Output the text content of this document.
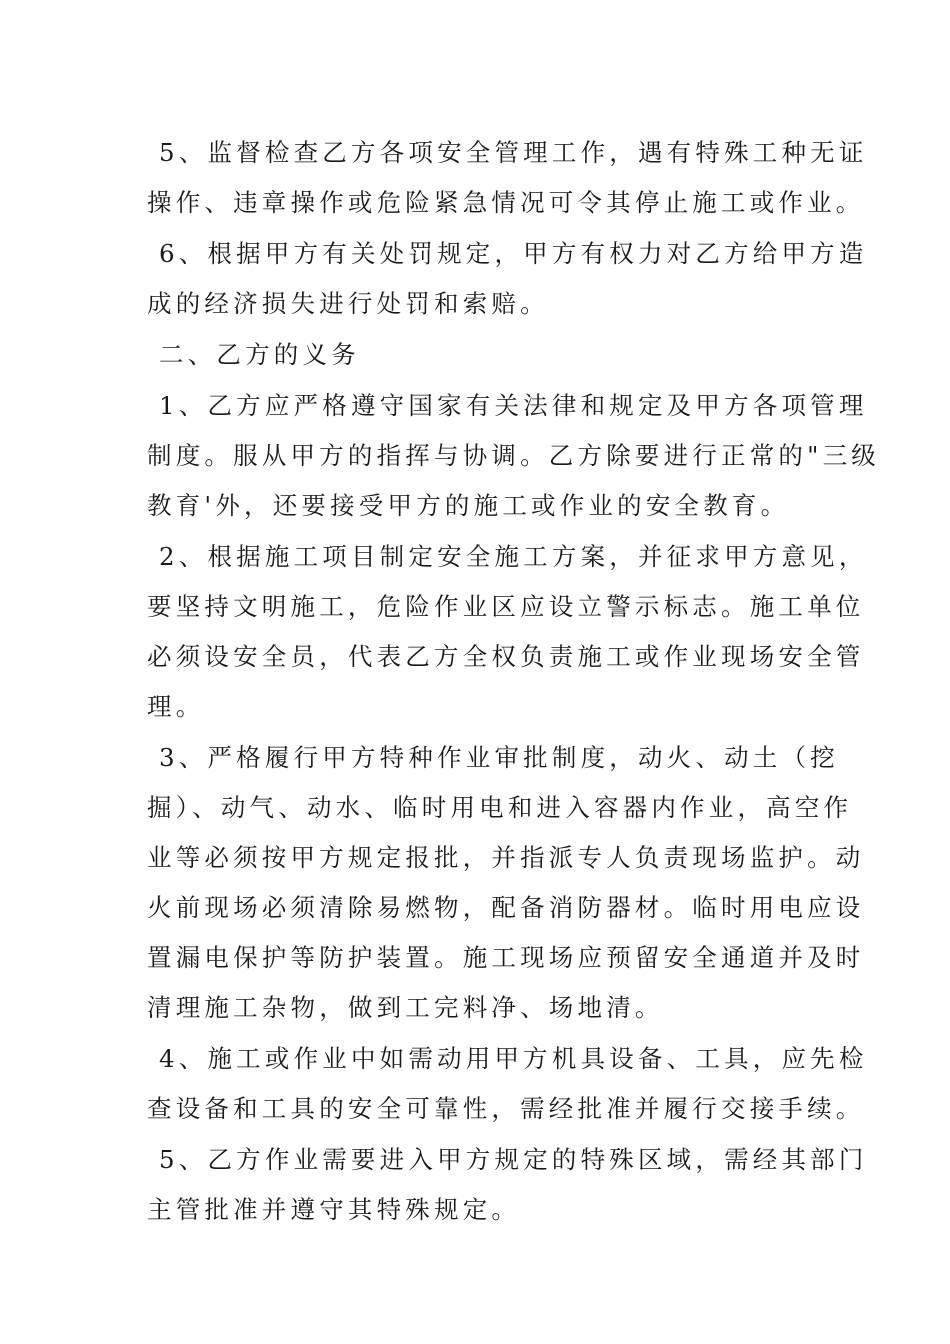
5、监督检查乙方各项安全管理工作，遇有特殊工种无证
操作、违章操作或危险紧急情况可令其停止施工或作业。

6、根据甲方有关处罚规定，甲方有权力对乙方给甲方造
成的经济损失进行处罚和索赔。

二、乙方的义务

1、乙方应严格遵守国家有关法律和规定及甲方各项管理
制度。服从甲方的指挥与协调。乙方除要进行正常的"三级
教育'外，还要接受甲方的施工或作业的安全教育。

2、根据施工项目制定安全施工方案，并征求甲方意见，
要坚持文明施工，危险作业区应设立警示标志。施工单位
必须设安全员，代表乙方全权负责施工或作业现场安全管
理。

3、严格履行甲方特种作业审批制度，动火、动土（挖
掘）、动气、动水、临时用电和进入容器内作业，高空作
业等必须按甲方规定报批，并指派专人负责现场监护。动
火前现场必须清除易燃物，配备消防器材。临时用电应设
置漏电保护等防护装置。施工现场应预留安全通道并及时
清理施工杂物，做到工完料净、场地清。

4、施工或作业中如需动用甲方机具设备、工具，应先检
查设备和工具的安全可靠性，需经批准并履行交接手续。

5、乙方作业需要进入甲方规定的特殊区域，需经其部门
主管批准并遵守其特殊规定。
